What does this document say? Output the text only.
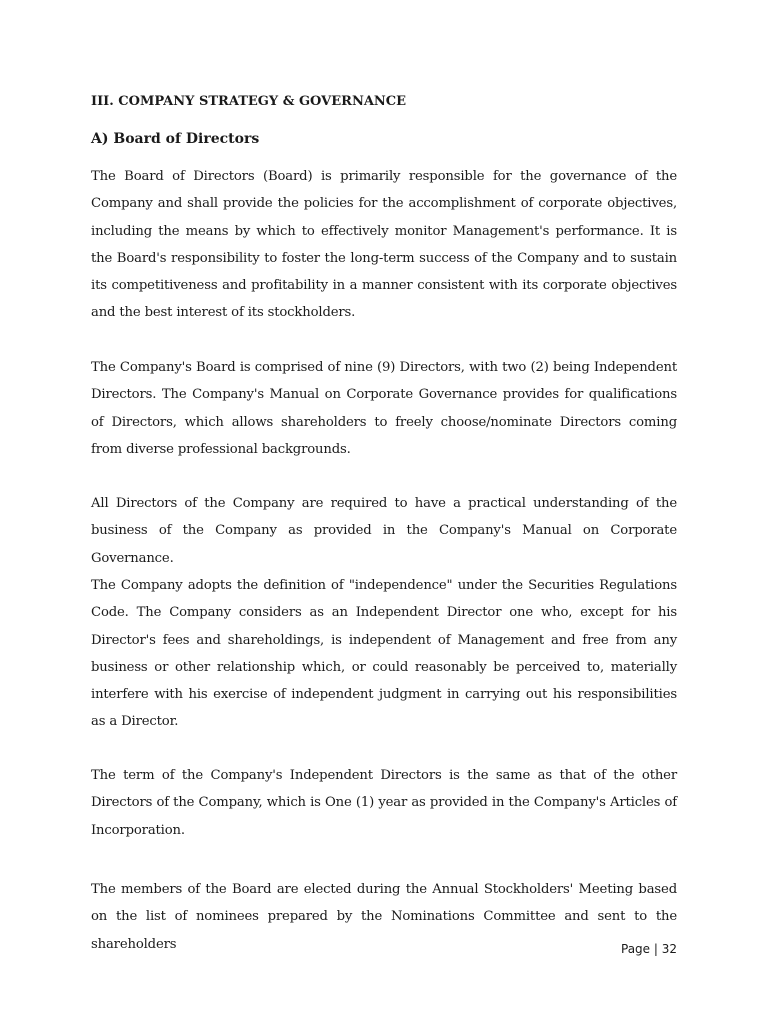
III. COMPANY STRATEGY & GOVERNANCE
A) Board of Directors

The Board of Directors (Board) is primarily responsible for the governance of the Company and shall provide the policies for the accomplishment of corporate objectives, including the means by which to effectively monitor Management's performance. It is the Board's responsibility to foster the long-term success of the Company and to sustain its competitiveness and profitability in a manner consistent with its corporate objectives and the best interest of its stockholders.

The Company's Board is comprised of nine (9) Directors, with two (2) being Independent Directors. The Company's Manual on Corporate Governance provides for qualifications of Directors, which allows shareholders to freely choose/nominate Directors coming from diverse professional backgrounds.

All Directors of the Company are required to have a practical understanding of the business of the Company as provided in the Company's Manual on Corporate Governance.

The Company adopts the definition of "independence" under the Securities Regulations Code. The Company considers as an Independent Director one who, except for his Director's fees and shareholdings, is independent of Management and free from any business or other relationship which, or could reasonably be perceived to, materially interfere with his exercise of independent judgment in carrying out his responsibilities as a Director.

The term of the Company's Independent Directors is the same as that of the other Directors of the Company, which is One (1) year as provided in the Company's Articles of Incorporation.

The members of the Board are elected during the Annual Stockholders' Meeting based on the list of nominees prepared by the Nominations Committee and sent to the shareholders	Page | 32
